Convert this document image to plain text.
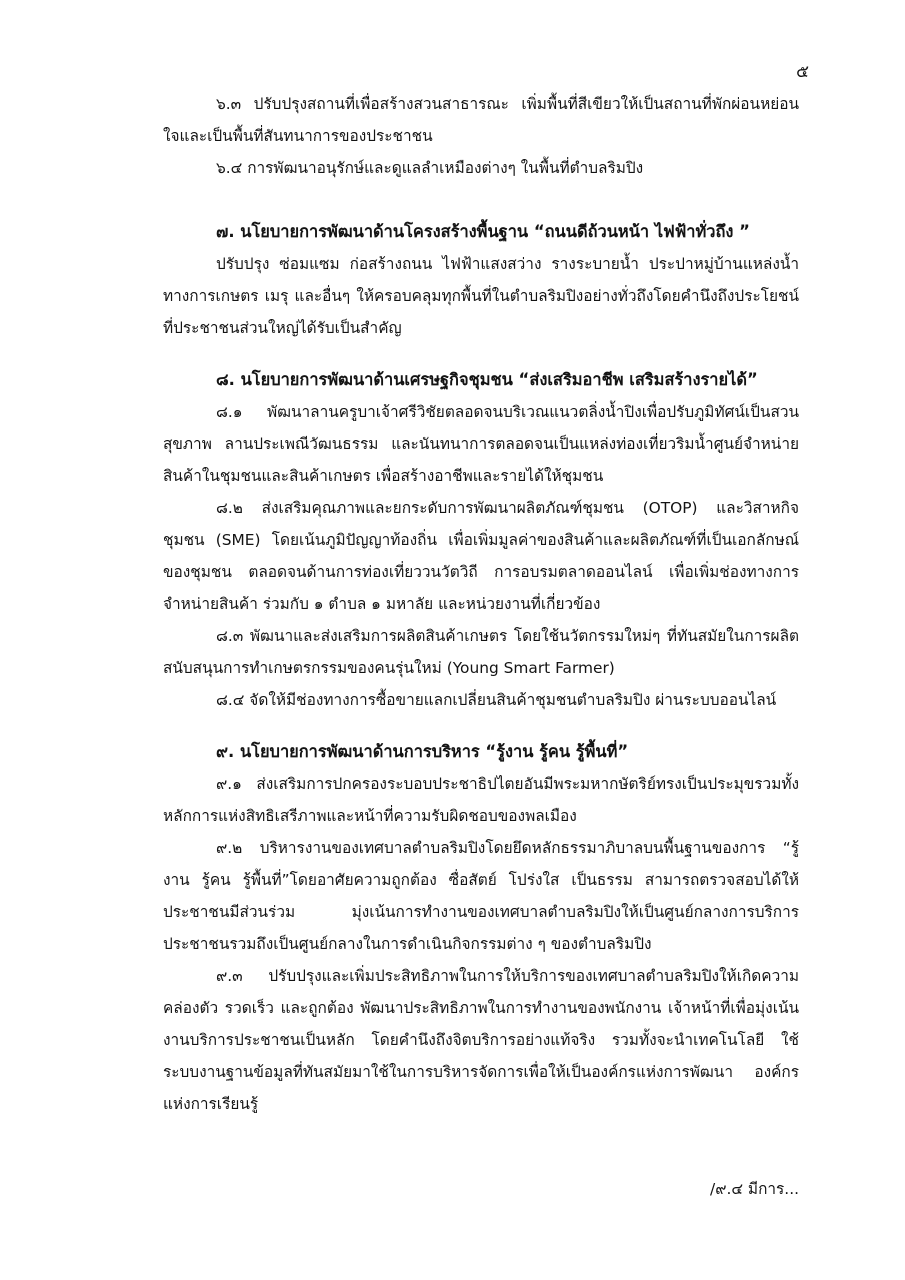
๕

๖.๓ ปรับปรุงสถานที่เพื่อสร้างสวนสาธารณะ เพิ่มพื้นที่สีเขียวให้เป็นสถานที่พักผ่อนหย่อนใจและเป็นพื้นที่สันทนาการของประชาชน

๖.๔ การพัฒนาอนุรักษ์และดูแลลำเหมืองต่างๆ ในพื้นที่ตำบลริมปิง

๗. นโยบายการพัฒนาด้านโครงสร้างพื้นฐาน “ถนนดีถ้วนหน้า ไฟฟ้าทั่วถึง ”

ปรับปรุง ซ่อมแซม ก่อสร้างถนน ไฟฟ้าแสงสว่าง รางระบายน้ำ ประปาหมู่บ้านแหล่งน้ำทางการเกษตร เมรุ และอื่นๆ ให้ครอบคลุมทุกพื้นที่ในตำบลริมปิงอย่างทั่วถึงโดยคำนึงถึงประโยชน์ที่ประชาชนส่วนใหญ่ได้รับเป็นสำคัญ

๘. นโยบายการพัฒนาด้านเศรษฐกิจชุมชน “ส่งเสริมอาชีพ เสริมสร้างรายได้”

๘.๑ พัฒนาลานครูบาเจ้าศรีวิชัยตลอดจนบริเวณแนวตลิ่งน้ำปิงเพื่อปรับภูมิทัศน์เป็นสวนสุขภาพ ลานประเพณีวัฒนธรรม และนันทนาการตลอดจนเป็นแหล่งท่องเที่ยวริมน้ำศูนย์จำหน่ายสินค้าในชุมชนและสินค้าเกษตร เพื่อสร้างอาชีพและรายได้ให้ชุมชน

๘.๒ ส่งเสริมคุณภาพและยกระดับการพัฒนาผลิตภัณฑ์ชุมชน (OTOP) และวิสาหกิจชุมชน (SME) โดยเน้นภูมิปัญญาท้องถิ่น เพื่อเพิ่มมูลค่าของสินค้าและผลิตภัณฑ์ที่เป็นเอกลักษณ์ของชุมชน ตลอดจนด้านการท่องเที่ยววนวัตวิถี การอบรมตลาดออนไลน์ เพื่อเพิ่มช่องทางการจำหน่ายสินค้า ร่วมกับ ๑ ตำบล ๑ มหาลัย และหน่วยงานที่เกี่ยวข้อง

๘.๓ พัฒนาและส่งเสริมการผลิตสินค้าเกษตร โดยใช้นวัตกรรมใหม่ๆ ที่ทันสมัยในการผลิต สนับสนุนการทำเกษตรกรรมของคนรุ่นใหม่ (Young Smart Farmer)

๘.๔ จัดให้มีช่องทางการซื้อขายแลกเปลี่ยนสินค้าชุมชนตำบลริมปิง ผ่านระบบออนไลน์

๙. นโยบายการพัฒนาด้านการบริหาร “รู้งาน รู้คน รู้พื้นที่”

๙.๑ ส่งเสริมการปกครองระบอบประชาธิปไตยอันมีพระมหากษัตริย์ทรงเป็นประมุขรวมทั้งหลักการแห่งสิทธิเสรีภาพและหน้าที่ความรับผิดชอบของพลเมือง

๙.๒ บริหารงานของเทศบาลตำบลริมปิงโดยยึดหลักธรรมาภิบาลบนพื้นฐานของการ “รู้งาน รู้คน รู้พื้นที่”โดยอาศัยความถูกต้อง ซื่อสัตย์ โปร่งใส เป็นธรรม สามารถตรวจสอบได้ให้ประชาชนมีส่วนร่วม มุ่งเน้นการทำงานของเทศบาลตำบลริมปิงให้เป็นศูนย์กลางการบริการประชาชนรวมถึงเป็นศูนย์กลางในการดำเนินกิจกรรมต่าง ๆ ของตำบลริมปิง

๙.๓ ปรับปรุงและเพิ่มประสิทธิภาพในการให้บริการของเทศบาลตำบลริมปิงให้เกิดความคล่องตัว รวดเร็ว และถูกต้อง พัฒนาประสิทธิภาพในการทำงานของพนักงาน เจ้าหน้าที่เพื่อมุ่งเน้นงานบริการประชาชนเป็นหลัก โดยคำนึงถึงจิตบริการอย่างแท้จริง รวมทั้งจะนำเทคโนโลยี ใช้ระบบงานฐานข้อมูลที่ทันสมัยมาใช้ในการบริหารจัดการเพื่อให้เป็นองค์กรแห่งการพัฒนา องค์กรแห่งการเรียนรู้

/๙.๔ มีการ...
